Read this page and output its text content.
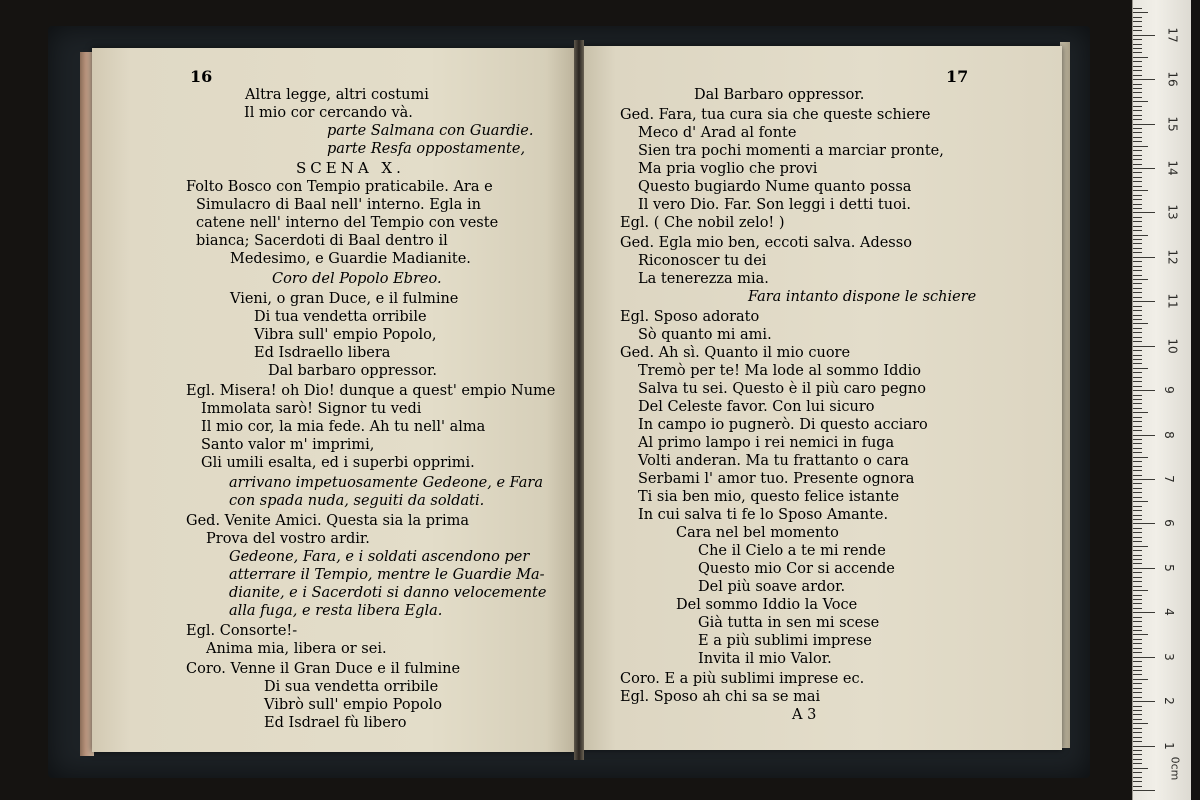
16
SCENA X.
Altra legge, altri costumi
Il mio cor cercando và.
parte Salmana con Guardie.
parte Resfa oppostamente,
Folto Bosco con Tempio praticabile. Ara e
Simulacro di Baal nell' interno. Egla in
catene nell' interno del Tempio con veste
bianca; Sacerdoti di Baal dentro il
Medesimo, e Guardie Madianite.
Coro del Popolo Ebreo.
Vieni, o gran Duce, e il fulmine
Di tua vendetta orribile
Vibra sull' empio Popolo,
Ed Isdraello libera
Dal barbaro oppressor.
Egl. Misera! oh Dio! dunque a quest' empio Nume
Immolata sarò! Signor tu vedi
Il mio cor, la mia fede. Ah tu nell' alma
Santo valor m' imprimi,
Gli umili esalta, ed i superbi opprimi.
arrivano impetuosamente Gedeone, e Fara
con spada nuda, seguiti da soldati.
Ged. Venite Amici. Questa sia la prima
Prova del vostro ardir.
Gedeone, Fara, e i soldati ascendono per
atterrare il Tempio, mentre le Guardie Ma-
dianite, e i Sacerdoti si danno velocemente
alla fuga, e resta libera Egla.
Egl. Consorte!-
Anima mia, libera or sei.
Coro. Venne il Gran Duce e il fulmine
Di sua vendetta orribile
Vibrò sull' empio Popolo
Ed Isdrael fù libero
17
A 3
Dal Barbaro oppressor.
Ged. Fara, tua cura sia che queste schiere
Meco d' Arad al fonte
Sien tra pochi momenti a marciar pronte,
Ma pria voglio che provi
Questo bugiardo Nume quanto possa
Il vero Dio. Far. Son leggi i detti tuoi.
Egl. ( Che nobil zelo! )
Ged. Egla mio ben, eccoti salva. Adesso
Riconoscer tu dei
La tenerezza mia.
Fara intanto dispone le schiere
Egl. Sposo adorato
Sò quanto mi ami.
Ged. Ah sì. Quanto il mio cuore
Tremò per te! Ma lode al sommo Iddio
Salva tu sei. Questo è il più caro pegno
Del Celeste favor. Con lui sicuro
In campo io pugnerò. Di questo acciaro
Al primo lampo i rei nemici in fuga
Volti anderan. Ma tu frattanto o cara
Serbami l' amor tuo. Presente ognora
Ti sia ben mio, questo felice istante
In cui salva ti fe lo Sposo Amante.
Cara nel bel momento
Che il Cielo a te mi rende
Questo mio Cor si accende
Del più soave ardor.
Del sommo Iddio la Voce
Già tutta in sen mi scese
E a più sublimi imprese
Invita il mio Valor.
Coro. E a più sublimi imprese ec.
Egl. Sposo ah chi sa se mai
0cm
17
16
15
14
13
12
11
10
9
8
7
6
5
4
3
2
1
